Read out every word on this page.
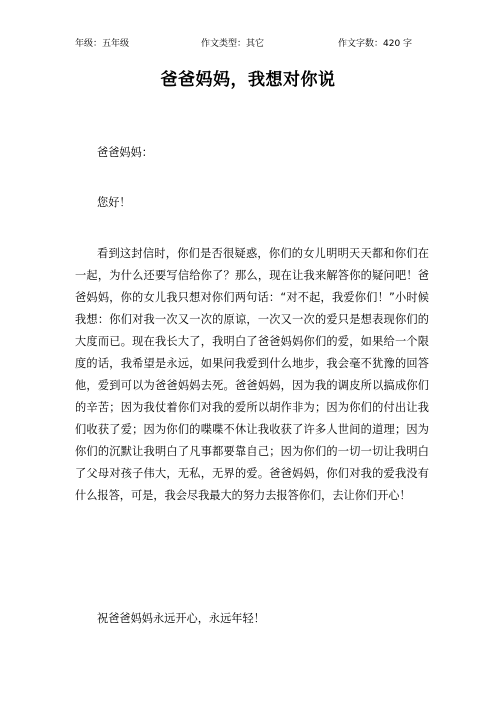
年级：五年级	作文类型：其它	作文字数：420 字
爸爸妈妈，我想对你说

爸爸妈妈：

您好！

看到这封信时，你们是否很疑惑，你们的女儿明明天天都和你们在一起，为什么还要写信给你了？那么，现在让我来解答你的疑问吧！爸爸妈妈，你的女儿我只想对你们两句话：“对不起，我爱你们！”小时候我想：你们对我一次又一次的原谅，一次又一次的爱只是想表现你们的大度而已。现在我长大了，我明白了爸爸妈妈你们的爱，如果给一个限度的话，我希望是永远，如果问我爱到什么地步，我会毫不犹豫的回答他，爱到可以为爸爸妈妈去死。爸爸妈妈，因为我的调皮所以搞成你们的辛苦；因为我仗着你们对我的爱所以胡作非为；因为你们的付出让我们收获了爱；因为你们的喋喋不休让我收获了许多人世间的道理；因为你们的沉默让我明白了凡事都要靠自己；因为你们的一切一切让我明白了父母对孩子伟大，无私，无界的爱。爸爸妈妈，你们对我的爱我没有什么报答，可是，我会尽我最大的努力去报答你们，去让你们开心！

祝爸爸妈妈永远开心，永远年轻！
